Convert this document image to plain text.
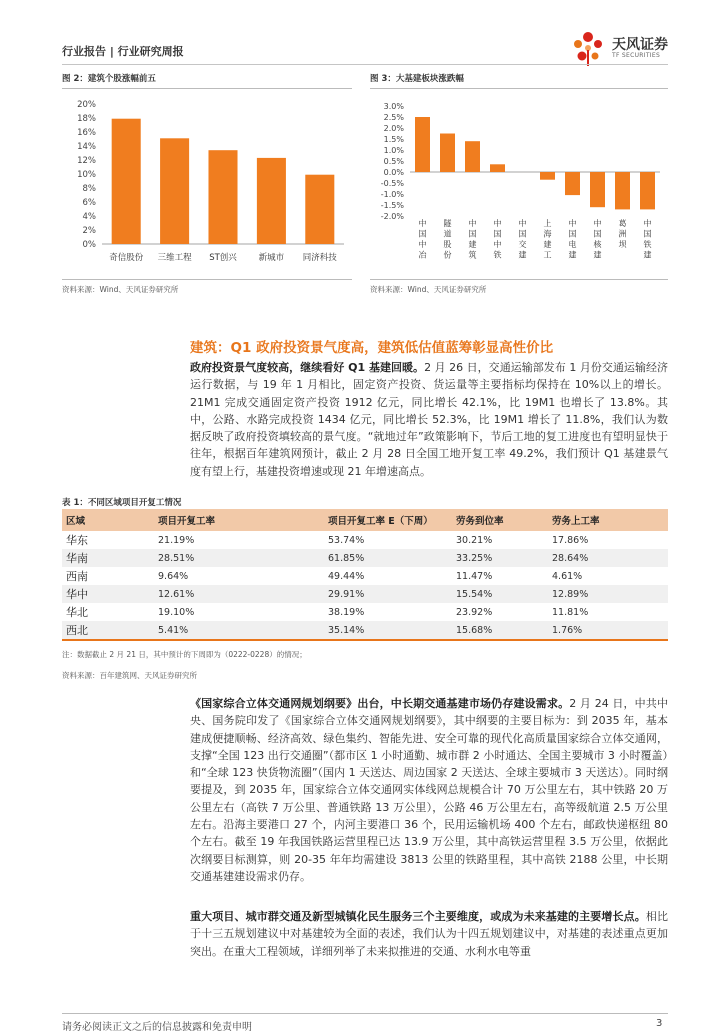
行业报告 | 行业研究周报	天风证券
TF SECURITIES
图 2：建筑个股涨幅前五
0%
2%
4%
6%
8%
10%
12%
14%
16%
18%
20%
奇信股份 三维工程 ST创兴	新城市 同济科技
资料来源：Wind、天风证券研究所
图 3：大基建板块涨跌幅
-2.0%
-1.5%
-1.0%
-0.5%
0.0%
0.5%
1.0%
1.5%
2.0%
2.5%
3.0%
中国中冶
隧道股份
中国建筑
中国中铁
中国交建
上海建工
中国电建
中国核建
葛洲坝
中国铁建
资料来源：Wind、天风证券研究所
建筑：Q1 政府投资景气度高，建筑低估值蓝筹彰显高性价比
政府投资景气度较高，继续看好 Q1 基建回暖。2 月 26 日，交通运输部发布 1 月份交通运输经济运行数据，与 19 年 1 月相比，固定资产投资、货运量等主要指标均保持在 10%以上的增长。21M1 完成交通固定资产投资 1912 亿元，同比增长 42.1%，比 19M1 也增长了 13.8%。其中，公路、水路完成投资 1434 亿元，同比增长 52.3%，比 19M1 增长了 11.8%，我们认为数据反映了政府投资填较高的景气度。“就地过年”政策影响下，节后工地的复工进度也有望明显快于往年，根据百年建筑网预计，截止 2 月 28 日全国工地开复工率 49.2%，我们预计 Q1 基建景气度有望上行，基建投资增速或现 21 年增速高点。
表 1：不同区域项目开复工情况
区域	项目开复工率	项目开复工率 E（下周）	劳务到位率	劳务上工率
华东	21.19%	53.74%	30.21%	17.86%
华南	28.51%	61.85%	33.25%	28.64%
西南	9.64%	49.44%	11.47%	4.61%
华中	12.61%	29.91%	15.54%	12.89%
华北	19.10%	38.19%	23.92%	11.81%
西北	5.41%	35.14%	15.68%	1.76%
注：数据截止 2 月 21 日，其中预计的下周即为（0222-0228）的情况；
资料来源：百年建筑网、天风证券研究所
《国家综合立体交通网规划纲要》出台，中长期交通基建市场仍存建设需求。2 月 24 日，中共中央、国务院印发了《国家综合立体交通网规划纲要》，其中纲要的主要目标为：到 2035 年，基本建成便捷顺畅、经济高效、绿色集约、智能先进、安全可靠的现代化高质量国家综合立体交通网，支撑“全国 123 出行交通圈”（都市区 1 小时通勤、城市群 2 小时通达、全国主要城市 3 小时覆盖）和“全球 123 快货物流圈”（国内 1 天送达、周边国家 2 天送达、全球主要城市 3 天送达）。同时纲要提及，到 2035 年，国家综合立体交通网实体线网总规模合计 70 万公里左右，其中铁路 20 万公里左右（高铁 7 万公里、普通铁路 13 万公里），公路 46 万公里左右，高等级航道 2.5 万公里左右。沿海主要港口 27 个，内河主要港口 36 个，民用运输机场 400 个左右，邮政快递枢纽 80 个左右。截至 19 年我国铁路运营里程已达 13.9 万公里，其中高铁运营里程 3.5 万公里，依据此次纲要目标测算，则 20-35 年年均需建设 3813 公里的铁路里程，其中高铁 2188 公里，中长期交通基建建设需求仍存。
重大项目、城市群交通及新型城镇化民生服务三个主要维度，或成为未来基建的主要增长点。相比于十三五规划建议中对基建较为全面的表述，我们认为十四五规划建议中，对基建的表述重点更加突出。在重大工程领域，详细列举了未来拟推进的交通、水利水电等重
请务必阅读正文之后的信息披露和免责申明	3
